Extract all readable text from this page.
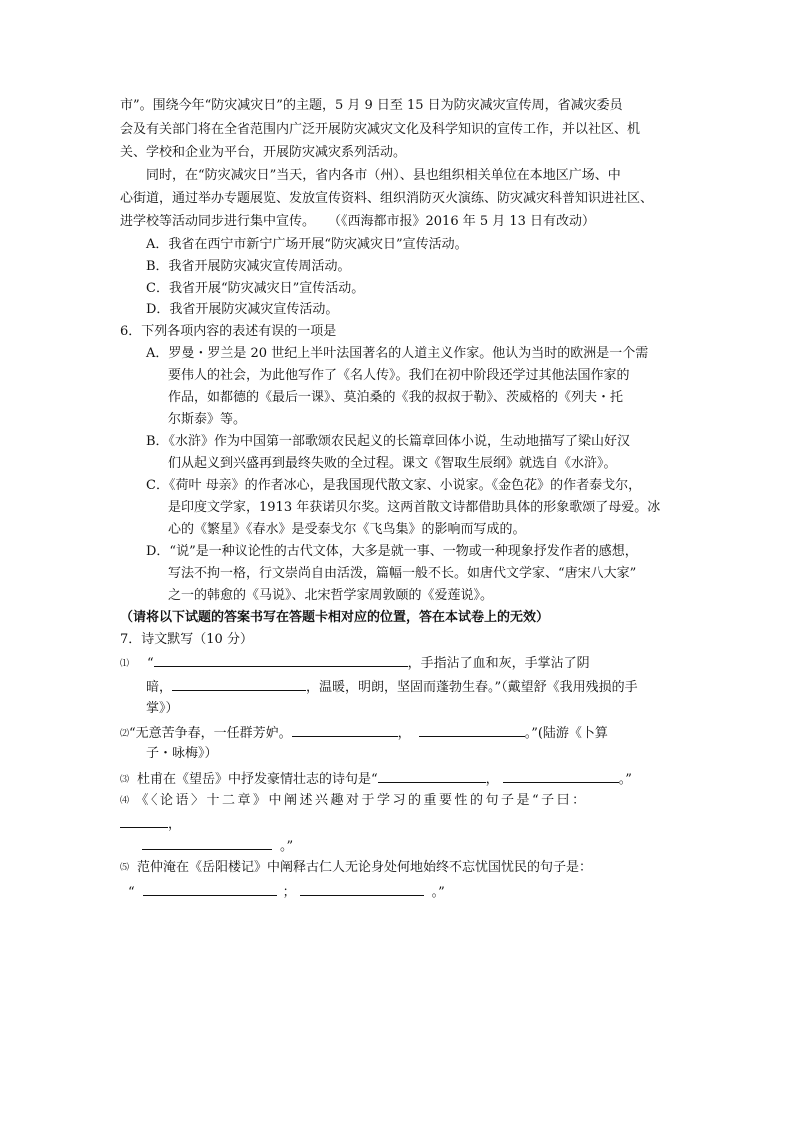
市”。围绕今年“防灾减灾日”的主题，5 月 9 日至 15 日为防灾减灾宣传周，省减灾委员
会及有关部门将在全省范围内广泛开展防灾减灾文化及科学知识的宣传工作，并以社区、机
关、学校和企业为平台，开展防灾减灾系列活动。
同时，在“防灾减灾日”当天，省内各市（州）、县也组织相关单位在本地区广场、中
心街道，通过举办专题展览、发放宣传资料、组织消防灭火演练、防灾减灾科普知识进社区、
进学校等活动同步进行集中宣传。　　（《西海都市报》2016 年 5 月 13 日有改动）
A．我省在西宁市新宁广场开展“防灾减灾日”宣传活动。
B．我省开展防灾减灾宣传周活动。
C．我省开展“防灾减灾日”宣传活动。
D．我省开展防灾减灾宣传活动。
6．下列各项内容的表述有误的一项是
A．罗曼・罗兰是 20 世纪上半叶法国著名的人道主义作家。他认为当时的欧洲是一个需
要伟人的社会，为此他写作了《名人传》。我们在初中阶段还学过其他法国作家的
作品，如都德的《最后一课》、莫泊桑的《我的叔叔于勒》、茨威格的《列夫・托
尔斯泰》等。
B．《水浒》作为中国第一部歌颂农民起义的长篇章回体小说，生动地描写了梁山好汉
们从起义到兴盛再到最终失败的全过程。课文《智取生辰纲》就选自《水浒》。
C．《荷叶 母亲》的作者冰心，是我国现代散文家、小说家。《金色花》的作者泰戈尔，
是印度文学家，1913 年获诺贝尔奖。这两首散文诗都借助具体的形象歌颂了母爱。冰
心的《繁星》《春水》是受泰戈尔《飞鸟集》的影响而写成的。
D．“说”是一种议论性的古代文体，大多是就一事、一物或一种现象抒发作者的感想，
写法不拘一格，行文崇尚自由活泼，篇幅一般不长。如唐代文学家、“唐宋八大家”
之一的韩愈的《马说》、北宋哲学家周敦颐的《爱莲说》。
（请将以下试题的答案书写在答题卡相对应的位置，答在本试卷上的无效）
7．诗文默写（10 分）
⑴ “	，手指沾了血和灰，手掌沾了阴
暗，	，温暖，明朗，坚固而蓬勃生春。”（戴望舒《我用残损的手
掌》）
⑵“无意苦争春，一任群芳妒。	，	。”(陆游《卜算
子・咏梅》）
⑶ 杜甫在《望岳》中抒发豪情壮志的诗句是“	，	。”
⑷ 《〈论语〉十二章》中阐述兴趣对于学习的重要性的句子是“子曰：
，
。”
⑸ 范仲淹在《岳阳楼记》中阐释古仁人无论身处何地始终不忘忧国忧民的句子是：
“	；	。”
